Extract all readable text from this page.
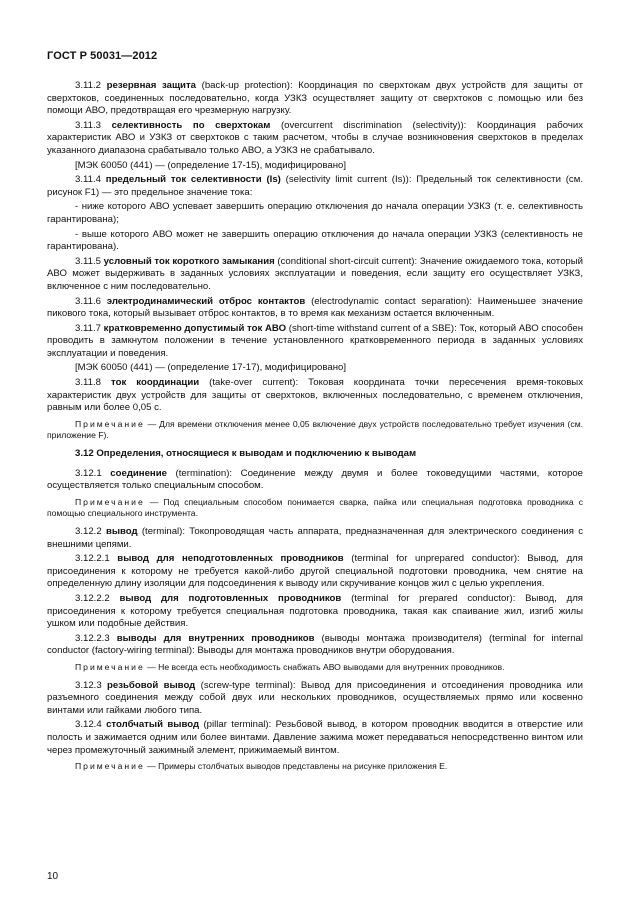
ГОСТ Р 50031—2012

3.11.2 резервная защита (back-up protection): Координация по сверхтокам двух устройств для защиты от сверхтоков, соединенных последовательно, когда УЗКЗ осуществляет защиту от сверхтоков с помощью или без помощи АВО, предотвращая его чрезмерную нагрузку.

3.11.3 селективность по сверхтокам (overcurrent discrimination (selectivity)): Координация рабочих характеристик АВО и УЗКЗ от сверхтоков с таким расчетом, чтобы в случае возникновения сверхтоков в пределах указанного диапазона срабатывало только АВО, а УЗКЗ не срабатывало.

[МЭК 60050 (441) — (определение 17-15), модифицировано]

3.11.4 предельный ток селективности (Is) (selectivity limit current (Is)): Предельный ток селективности (см. рисунок F1) — это предельное значение тока:

- ниже которого АВО успевает завершить операцию отключения до начала операции УЗКЗ (т. е. селективность гарантирована);

- выше которого АВО может не завершить операцию отключения до начала операции УЗКЗ (селективность не гарантирована).

3.11.5 условный ток короткого замыкания (conditional short-circuit current): Значение ожидаемого тока, который АВО может выдерживать в заданных условиях эксплуатации и поведения, если защиту его осуществляет УЗКЗ, включенное с ним последовательно.

3.11.6 электродинамический отброс контактов (electrodynamic contact separation): Наименьшее значение пикового тока, который вызывает отброс контактов, в то время как механизм остается включенным.

3.11.7 кратковременно допустимый ток АВО (short-time withstand current of a SBE): Ток, который АВО способен проводить в замкнутом положении в течение установленного кратковременного периода в заданных условиях эксплуатации и поведения.

[МЭК 60050 (441) — (определение 17-17), модифицировано]

3.11.8 ток координации (take-over current): Токовая координата точки пересечения время-токовых характеристик двух устройств для защиты от сверхтоков, включенных последовательно, с временем отключения, равным или более 0,05 с.

Примечание — Для времени отключения менее 0,05 включение двух устройств последовательно требует изучения (см. приложение F).

3.12 Определения, относящиеся к выводам и подключению к выводам

3.12.1 соединение (termination): Соединение между двумя и более токоведущими частями, которое осуществляется только специальным способом.

Примечание — Под специальным способом понимается сварка, пайка или специальная подготовка проводника с помощью специального инструмента.

3.12.2 вывод (terminal): Токопроводящая часть аппарата, предназначенная для электрического соединения с внешними цепями.

3.12.2.1 вывод для неподготовленных проводников (terminal for unprepared conductor): Вывод, для присоединения к которому не требуется какой-либо другой специальной подготовки проводника, чем снятие на определенную длину изоляции для подсоединения к выводу или скручивание концов жил с целью укрепления.

3.12.2.2 вывод для подготовленных проводников (terminal for prepared conductor): Вывод, для присоединения к которому требуется специальная подготовка проводника, такая как спаивание жил, изгиб жилы ушком или подобные действия.

3.12.2.3 выводы для внутренних проводников (выводы монтажа производителя) (terminal for internal conductor (factory-wiring terminal): Выводы для монтажа проводников внутри оборудования.

Примечание — Не всегда есть необходимость снабжать АВО выводами для внутренних проводников.

3.12.3 резьбовой вывод (screw-type terminal): Вывод для присоединения и отсоединения проводника или разъемного соединения между собой двух или нескольких проводников, осуществляемых прямо или косвенно винтами или гайками любого типа.

3.12.4 столбчатый вывод (pillar terminal): Резьбовой вывод, в котором проводник вводится в отверстие или полость и зажимается одним или более винтами. Давление зажима может передаваться непосредственно винтом или через промежуточный зажимный элемент, прижимаемый винтом.

Примечание — Примеры столбчатых выводов представлены на рисунке приложения Е.

10
